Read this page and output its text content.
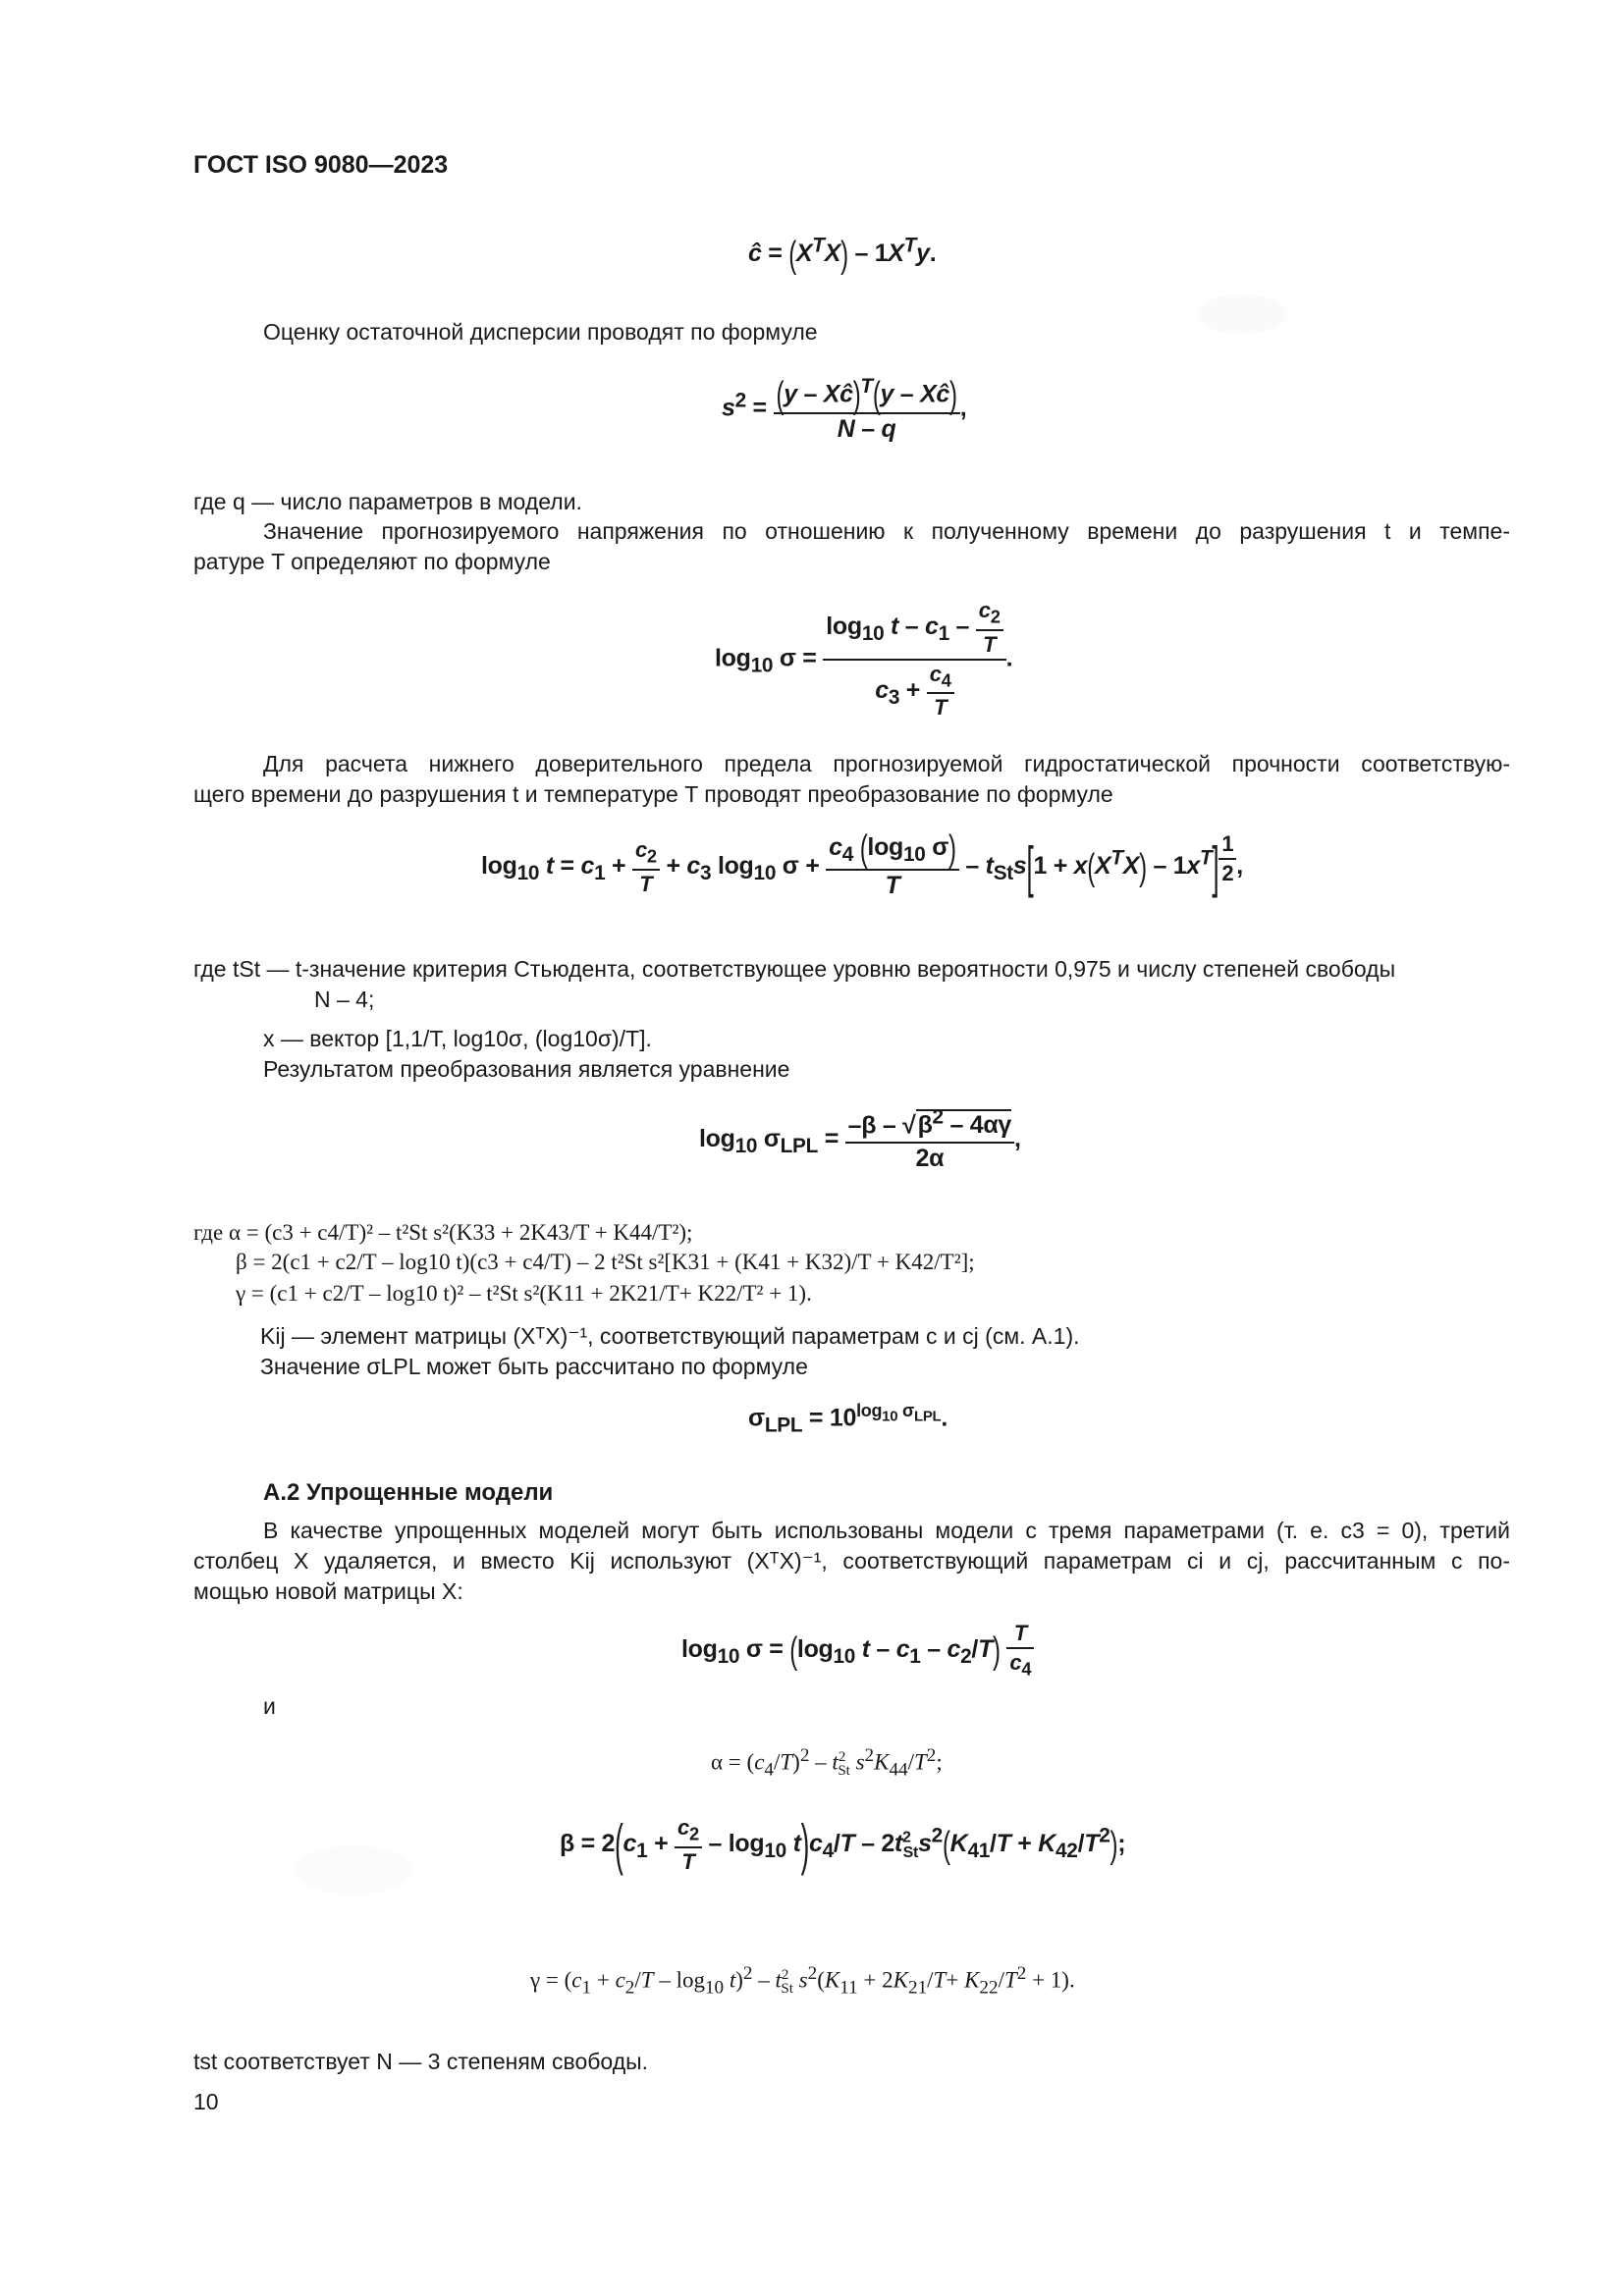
ГОСТ ISO 9080—2023
ĉ = $(X^TX) - 1X^Ty$.
Оценку остаточной дисперсии проводят по формуле
$s^2 = \frac{(y - Xĉ)^T(y - Xĉ)}{N - q}$ ,
где q — число параметров в модели.
Значение прогнозируемого напряжения по отношению к полученному времени до разрушения t и темпе-
ратуре T определяют по формуле
$\log_{10} \sigma = \frac{\log_{10} t - c_1 - \frac{c_2}{T}}{c_3 + \frac{c_4}{T}}$ .
Для расчета нижнего доверительного предела прогнозируемой гидростатической прочности соответствую-
щего времени до разрушения t и температуре T проводят преобразование по формуле
$\log_{10} t = c_1 + \frac{c_2}{T} + c_3$ $\log_{10} \sigma + \frac{c_4 (\log_{10} \sigma)}{T} - t_{St}s[1 + x(X^TX) - 1x^T]$ $^{\frac{1}{2}}$ ,
где tSt — t-значение критерия Стьюдента, соответствующее уровню вероятности 0,975 и числу степеней свободы
N – 4;
x — вектор [1,1/T, log10σ, (log10σ)/T].
Результатом преобразования является уравнение
$\log_{10} \sigma_{LPL} = \frac{-\beta - √\beta^2 - 4\alpha\gamma}{2\alpha}$ ,
где α = (c3 + c4/T)² – t²St s²(K33 + 2K43/T + K44/T²);
β = 2(c1 + c2/T – log10 t)(c3 + c4/T) – 2 t²St s²[K31 + (K41 + K32)/T + K42/T²];
γ = (c1 + c2/T – log10 t)² – t²St s²(K11 + 2K21/T+ K22/T² + 1).
Kij — элемент матрицы (XᵀX)⁻¹, соответствующий параметрам c и cj (см. А.1).
Значение σLPL может быть рассчитано по формуле
$\sigma_{LPL} = 10^{log_{10} \sigma_{LPL}}$.
А.2 Упрощенные модели
В качестве упрощенных моделей могут быть использованы модели с тремя параметрами (т. е. c3 = 0), третий
столбец X удаляется, и вместо Kij используют (XᵀX)⁻¹, соответствующий параметрам ci и cj, рассчитанным с по-
мощью новой матрицы X:
$\log_{10} \sigma = (\log_{10}$ t – $c_1 - c_2/T) \frac{T}{c_4}$
и
$\alpha = (c_4/T)^2 - t^2_{St}$ $s^2K_{44}/T^2$;
$\beta = 2(c_1 + \frac{c_2}{T} - \log_{10} t)c_4/T - 2t^2_{St}s^2(K_{41}/T + K_{42}/T^2)$;
$\gamma = (c_1 + c_2/T - \log_{10} t)^2 - t^2_{St}$ $s^2(K_{11} + 2K_{21}/T+ K_{22}/T^2 + 1)$.
tst соответствует N — 3 степеням свободы.
10
